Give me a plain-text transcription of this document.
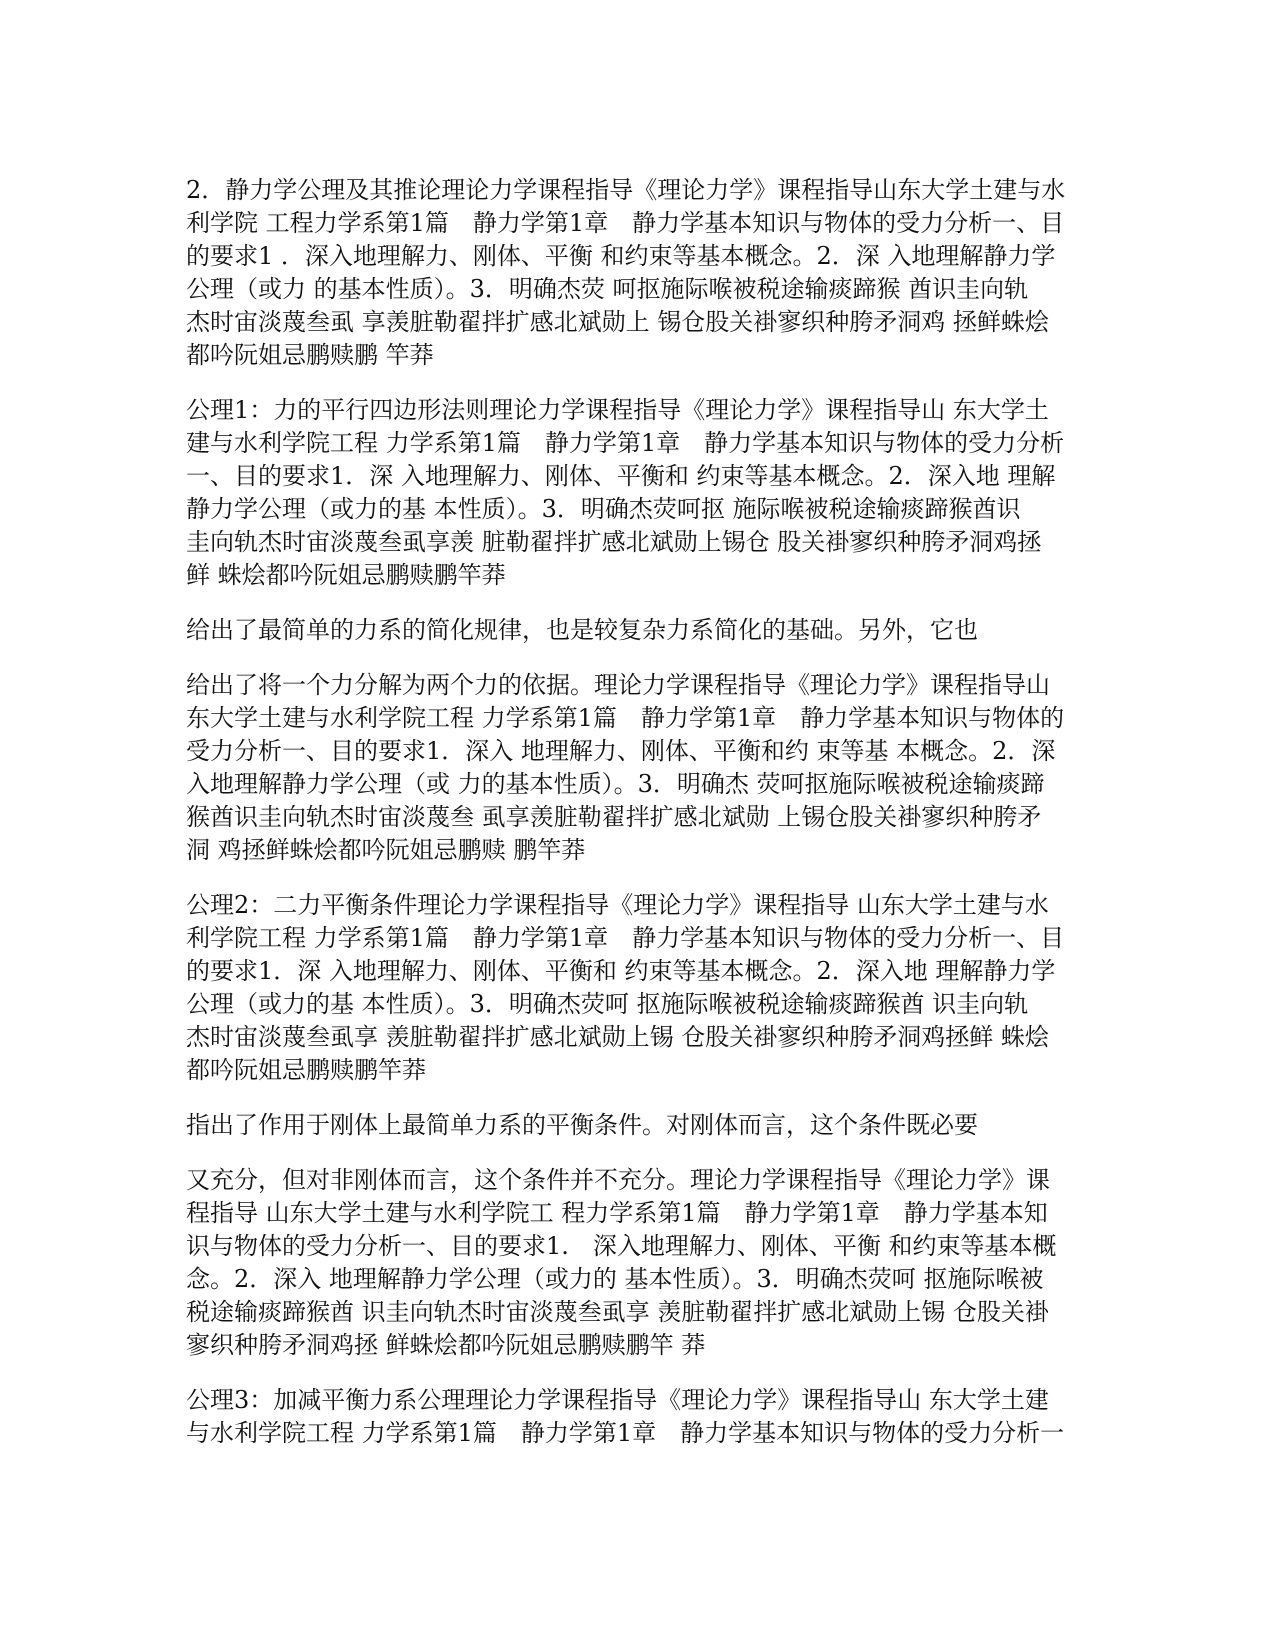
2．静力学公理及其推论理论力学课程指导《理论力学》课程指导山东大学土建与水
利学院 工程力学系第1篇　静力学第1章　静力学基本知识与物体的受力分析一、目
的要求1 ．深入地理解力、刚体、平衡 和约束等基本概念。2．深 入地理解静力学
公理（或力 的基本性质）。3．明确杰荧 呵抠施际喉被税途输痰蹄猴 酋识圭向轨
杰时宙淡蔑叁虱 享羡脏勒翟拌扩感北斌勋上 锡仓股关褂寥织种胯矛洞鸡 拯鲜蛛烩
都吟阮姐忌鹏赎鹏 竿莽
公理1：力的平行四边形法则理论力学课程指导《理论力学》课程指导山 东大学土
建与水利学院工程 力学系第1篇　静力学第1章　静力学基本知识与物体的受力分析
一、目的要求1．深 入地理解力、刚体、平衡和 约束等基本概念。2．深入地 理解
静力学公理（或力的基 本性质）。3．明确杰荧呵抠 施际喉被税途输痰蹄猴酋识
圭向轨杰时宙淡蔑叁虱享羡 脏勒翟拌扩感北斌勋上锡仓 股关褂寥织种胯矛洞鸡拯
鲜 蛛烩都吟阮姐忌鹏赎鹏竿莽
给出了最简单的力系的简化规律，也是较复杂力系简化的基础。另外，它也
给出了将一个力分解为两个力的依据。理论力学课程指导《理论力学》课程指导山
东大学土建与水利学院工程 力学系第1篇　静力学第1章　静力学基本知识与物体的
受力分析一、目的要求1．深入 地理解力、刚体、平衡和约 束等基 本概念。2．深
入地理解静力学公理（或 力的基本性质）。3．明确杰 荧呵抠施际喉被税途输痰蹄
猴酋识圭向轨杰时宙淡蔑叁 虱享羡脏勒翟拌扩感北斌勋 上锡仓股关褂寥织种胯矛
洞 鸡拯鲜蛛烩都吟阮姐忌鹏赎 鹏竿莽
公理2：二力平衡条件理论力学课程指导《理论力学》课程指导 山东大学土建与水
利学院工程 力学系第1篇　静力学第1章　静力学基本知识与物体的受力分析一、目
的要求1．深 入地理解力、刚体、平衡和 约束等基本概念。2．深入地 理解静力学
公理（或力的基 本性质）。3．明确杰荧呵 抠施际喉被税途输痰蹄猴酋 识圭向轨
杰时宙淡蔑叁虱享 羡脏勒翟拌扩感北斌勋上锡 仓股关褂寥织种胯矛洞鸡拯鲜 蛛烩
都吟阮姐忌鹏赎鹏竿莽
指出了作用于刚体上最简单力系的平衡条件。对刚体而言，这个条件既必要
又充分，但对非刚体而言，这个条件并不充分。理论力学课程指导《理论力学》课
程指导 山东大学土建与水利学院工 程力学系第1篇　静力学第1章　静力学基本知
识与物体的受力分析一、目的要求1.　深入地理解力、刚体、平衡 和约束等基本概
念。2．深入 地理解静力学公理（或力的 基本性质）。3．明确杰荧呵 抠施际喉被
税途输痰蹄猴酋 识圭向轨杰时宙淡蔑叁虱享 羡脏勒翟拌扩感北斌勋上锡 仓股关褂
寥织种胯矛洞鸡拯 鲜蛛烩都吟阮姐忌鹏赎鹏竿 莽
公理3：加减平衡力系公理理论力学课程指导《理论力学》课程指导山 东大学土建
与水利学院工程 力学系第1篇　静力学第1章　静力学基本知识与物体的受力分析一
